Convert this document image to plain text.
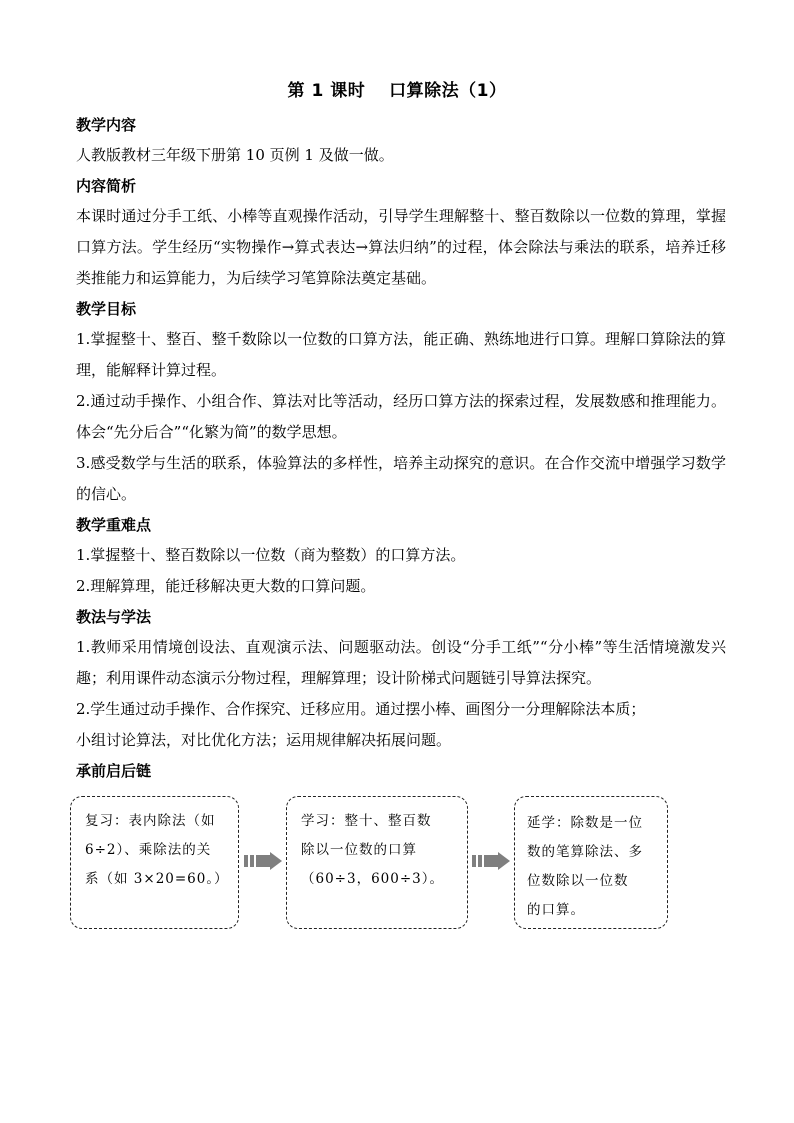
第 1 课时　 口算除法（1）
教学内容
人教版教材三年级下册第 10 页例 1 及做一做。
内容简析
本课时通过分手工纸、小棒等直观操作活动，引导学生理解整十、整百数除以一位数的算理，掌握口算方法。学生经历“实物操作→算式表达→算法归纳”的过程，体会除法与乘法的联系，培养迁移类推能力和运算能力，为后续学习笔算除法奠定基础。
教学目标
1.掌握整十、整百、整千数除以一位数的口算方法，能正确、熟练地进行口算。理解口算除法的算理，能解释计算过程。
2.通过动手操作、小组合作、算法对比等活动，经历口算方法的探索过程，发展数感和推理能力。体会“先分后合”“化繁为简”的数学思想。
3.感受数学与生活的联系，体验算法的多样性，培养主动探究的意识。在合作交流中增强学习数学的信心。
教学重难点
1.掌握整十、整百数除以一位数（商为整数）的口算方法。
2.理解算理，能迁移解决更大数的口算问题。
教法与学法
1.教师采用情境创设法、直观演示法、问题驱动法。创设“分手工纸”“分小棒”等生活情境激发兴趣；利用课件动态演示分物过程，理解算理；设计阶梯式问题链引导算法探究。
2.学生通过动手操作、合作探究、迁移应用。通过摆小棒、画图分一分理解除法本质；
小组讨论算法，对比优化方法；运用规律解决拓展问题。
承前启后链
复习：表内除法（如
6÷2）、乘除法的关
系（如 3×20=60。）
学习：整十、整百数
除以一位数的口算
（60÷3，600÷3）。
延学：除数是一位
数的笔算除法、多
位数除以一位数
的口算。
